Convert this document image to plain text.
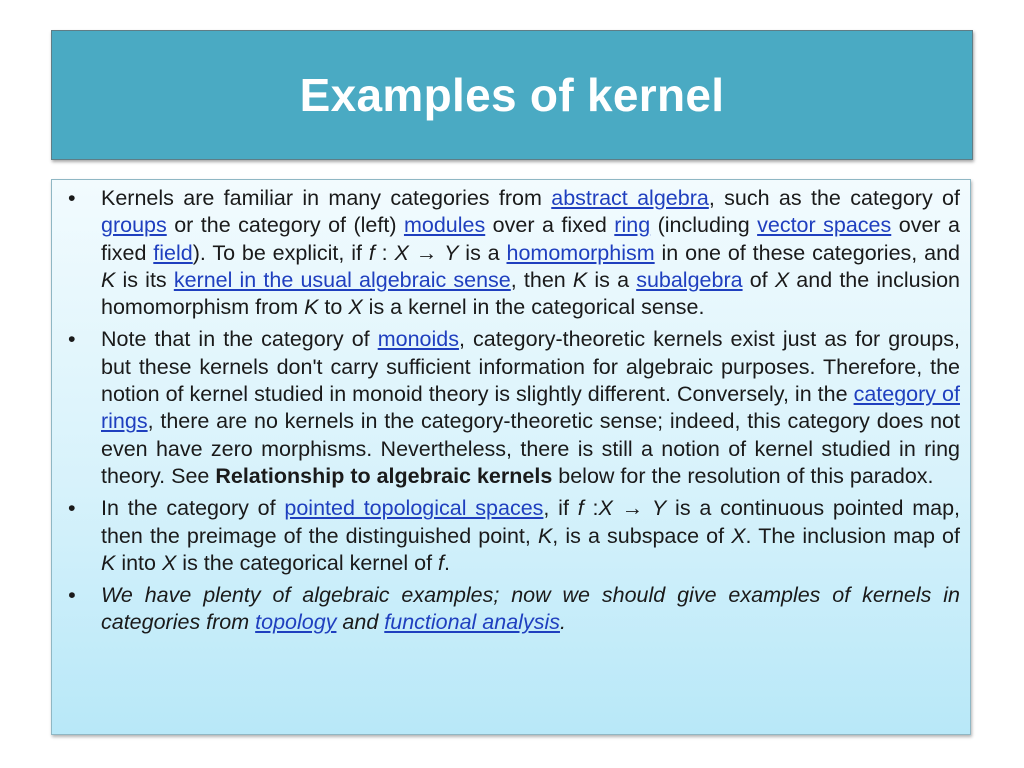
Examples of kernel
• Kernels are familiar in many categories from abstract algebra, such as the category of groups or the category of (left) modules over a fixed ring (including vector spaces over a fixed field). To be explicit, if f : X → Y is a homomorphism in one of these categories, and K is its kernel in the usual algebraic sense, then K is a subalgebra of X and the inclusion homomorphism from K to X is a kernel in the categorical sense.
• Note that in the category of monoids, category-theoretic kernels exist just as for groups, but these kernels don't carry sufficient information for algebraic purposes. Therefore, the notion of kernel studied in monoid theory is slightly different. Conversely, in the category of rings, there are no kernels in the category-theoretic sense; indeed, this category does not even have zero morphisms. Nevertheless, there is still a notion of kernel studied in ring theory. See Relationship to algebraic kernels below for the resolution of this paradox.
• In the category of pointed topological spaces, if f :X → Y is a continuous pointed map, then the preimage of the distinguished point, K, is a subspace of X. The inclusion map of K into X is the categorical kernel of f.
• We have plenty of algebraic examples; now we should give examples of kernels in categories from topology and functional analysis.
